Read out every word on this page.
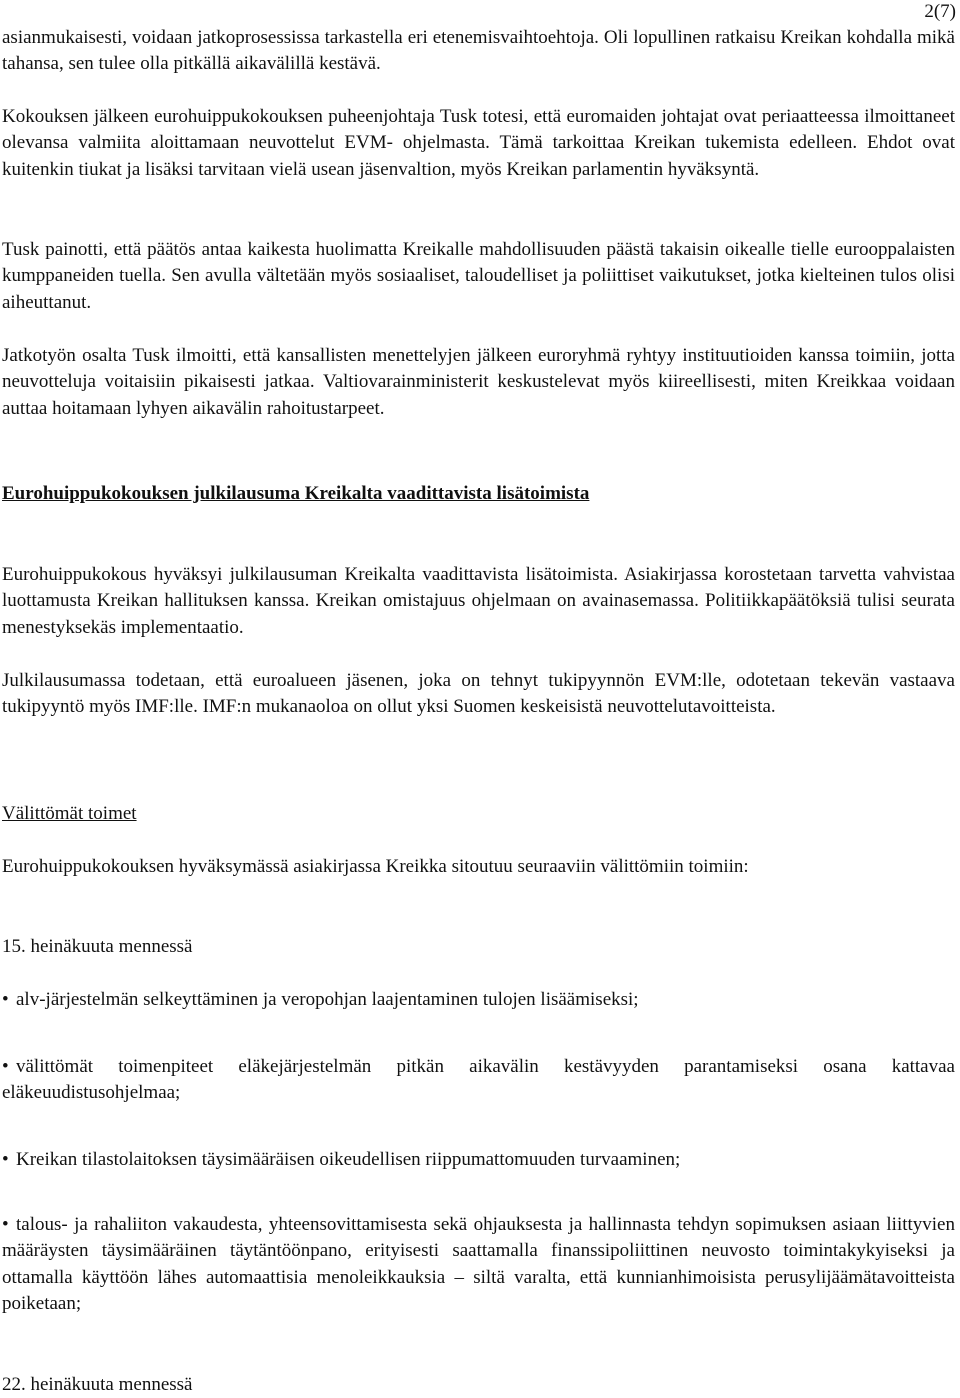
2(7)
asianmukaisesti, voidaan jatkoprosessissa tarkastella eri etenemisvaihtoehtoja. Oli lopullinen ratkaisu Kreikan kohdalla mikä tahansa, sen tulee olla pitkällä aikavälillä kestävä.
Kokouksen jälkeen eurohuippukokouksen puheenjohtaja Tusk totesi, että euromaiden johtajat ovat periaatteessa ilmoittaneet olevansa valmiita aloittamaan neuvottelut EVM- ohjelmasta. Tämä tarkoittaa Kreikan tukemista edelleen. Ehdot ovat kuitenkin tiukat ja lisäksi tarvitaan vielä usean jäsenvaltion, myös Kreikan parlamentin hyväksyntä.
Tusk painotti, että päätös antaa kaikesta huolimatta Kreikalle mahdollisuuden päästä takaisin oikealle tielle eurooppalaisten kumppaneiden tuella. Sen avulla vältetään myös sosiaaliset, taloudelliset ja poliittiset vaikutukset, jotka kielteinen tulos olisi aiheuttanut.
Jatkotyön osalta Tusk ilmoitti, että kansallisten menettelyjen jälkeen euroryhmä ryhtyy instituutioiden kanssa toimiin, jotta neuvotteluja voitaisiin pikaisesti jatkaa. Valtiovarainministerit keskustelevat myös kiireellisesti, miten Kreikkaa voidaan auttaa hoitamaan lyhyen aikavälin rahoitustarpeet.
Eurohuippukokouksen julkilausuma Kreikalta vaadittavista lisätoimista
Eurohuippukokous hyväksyi julkilausuman Kreikalta vaadittavista lisätoimista. Asiakirjassa korostetaan tarvetta vahvistaa luottamusta Kreikan hallituksen kanssa. Kreikan omistajuus ohjelmaan on avainasemassa. Politiikkapäätöksiä tulisi seurata menestyksekäs implementaatio.
Julkilausumassa todetaan, että euroalueen jäsenen, joka on tehnyt tukipyynnön EVM:lle, odotetaan tekevän vastaava tukipyyntö myös IMF:lle. IMF:n mukanaoloa on ollut yksi Suomen keskeisistä neuvottelutavoitteista.
Välittömät toimet
Eurohuippukokouksen hyväksymässä asiakirjassa Kreikka sitoutuu seuraaviin välittömiin toimiin:
15. heinäkuuta mennessä
• alv-järjestelmän selkeyttäminen ja veropohjan laajentaminen tulojen lisäämiseksi;
• välittömät toimenpiteet eläkejärjestelmän pitkän aikavälin kestävyyden parantamiseksi osana kattavaa eläkeuudistusohjelmaa;
• Kreikan tilastolaitoksen täysimääräisen oikeudellisen riippumattomuuden turvaaminen;
• talous- ja rahaliiton vakaudesta, yhteensovittamisesta sekä ohjauksesta ja hallinnasta tehdyn sopimuksen asiaan liittyvien määräysten täysimääräinen täytäntöönpano, erityisesti saattamalla finanssipoliittinen neuvosto toimintakykyiseksi ja ottamalla käyttöön lähes automaattisia menoleikkauksia – siltä varalta, että kunnianhimoisista perusylijäämätavoitteista poiketaan;
22. heinäkuuta mennessä
